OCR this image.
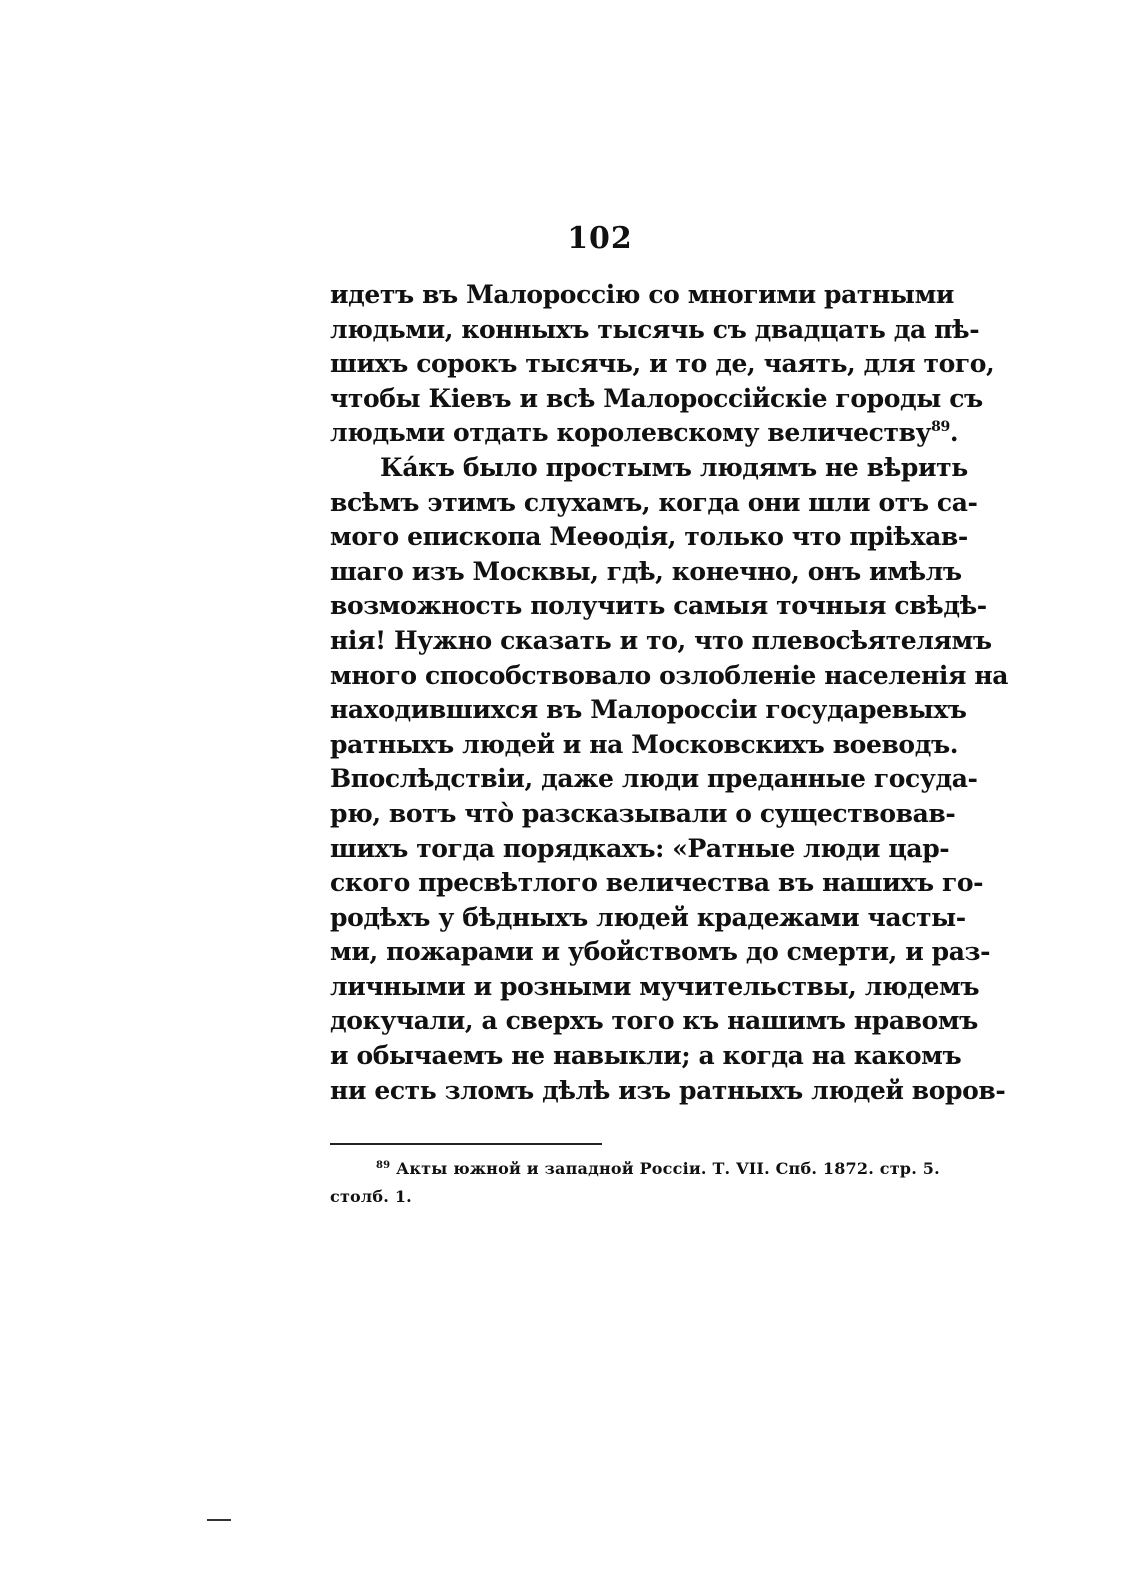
102
идетъ въ Малороссію со многими ратными
людьми, конныхъ тысячь съ двадцать да пѣ-
шихъ сорокъ тысячь, и то де, чаять, для того,
чтобы Кіевъ и всѣ Малороссійскіе городы съ
людьми отдать королевскому величеству$^{89}$.
Ка́къ было простымъ людямъ не вѣрить
всѣмъ этимъ слухамъ, когда они шли отъ са-
мого епископа Меѳодія, только что пріѣхав-
шаго изъ Москвы, гдѣ, конечно, онъ имѣлъ
возможность получить самыя точныя свѣдѣ-
нія! Нужно сказать и то, что плевосѣятелямъ
много способствовало озлобленіе населенія на
находившихся въ Малороссіи государевыхъ
ратныхъ людей и на Московскихъ воеводъ.
Впослѣдствіи, даже люди преданные госуда-
рю, вотъ что̀ разсказывали о существовав-
шихъ тогда порядкахъ: «Ратные люди цар-
ского пресвѣтлого величества въ нашихъ го-
родѣхъ у бѣдныхъ людей крадежами часты-
ми, пожарами и убойствомъ до смерти, и раз-
личными и розными мучительствы, людемъ
докучали, а сверхъ того къ нашимъ нравомъ
и обычаемъ не навыкли; а когда на какомъ
ни есть зломъ дѣлѣ изъ ратныхъ людей воров-
$^{89}$ Акты южной и западной Россіи. Т. VII. Спб. 1872. стр. 5.
столб. 1.
